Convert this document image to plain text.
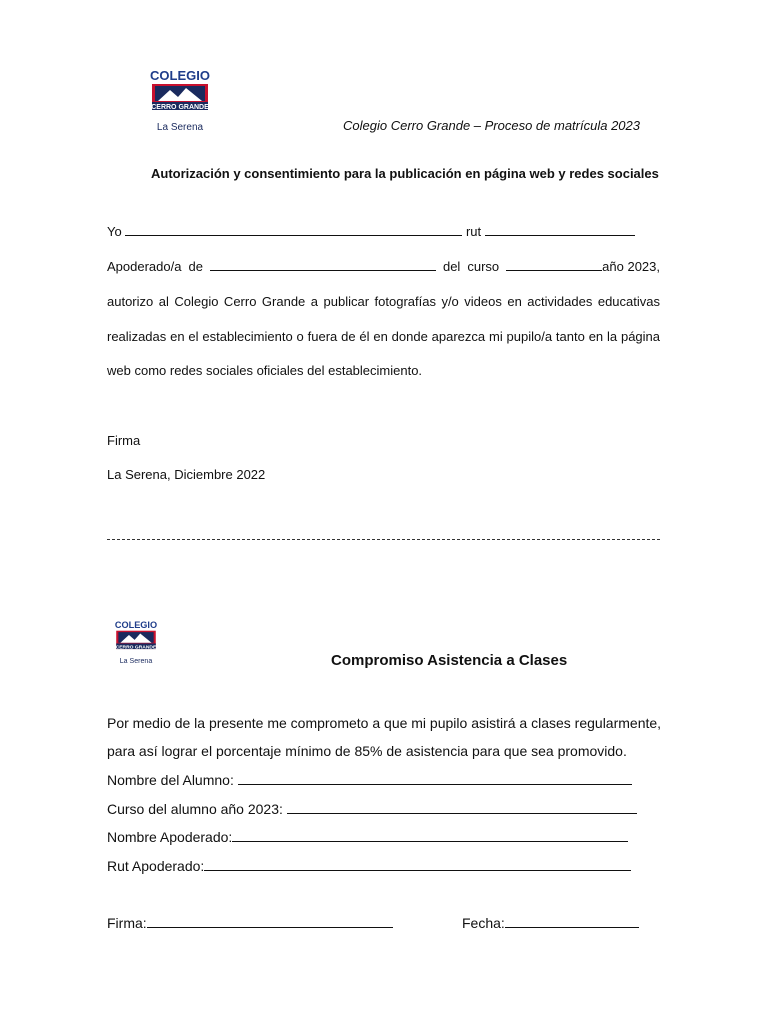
COLEGIO
CERRO GRANDE
La Serena	Colegio Cerro Grande – Proceso de matrícula 2023
Autorización y consentimiento para la publicación en página web y redes sociales
Yo	rut
Apoderado/a de	del curso	año 2023,
autorizo al Colegio Cerro Grande a publicar fotografías y/o videos en actividades educativas
realizadas en el establecimiento o fuera de él en donde aparezca mi pupilo/a tanto en la página
web como redes sociales oficiales del establecimiento.
Firma
La Serena, Diciembre 2022
COLEGIO
CERRO GRANDE
La Serena	Compromiso Asistencia a Clases
Por medio de la presente me comprometo a que mi pupilo asistirá a clases regularmente,
para así lograr el porcentaje mínimo de 85% de asistencia para que sea promovido.
Nombre del Alumno:
Curso del alumno año 2023:
Nombre Apoderado:
Rut Apoderado:
Firma:	Fecha:
